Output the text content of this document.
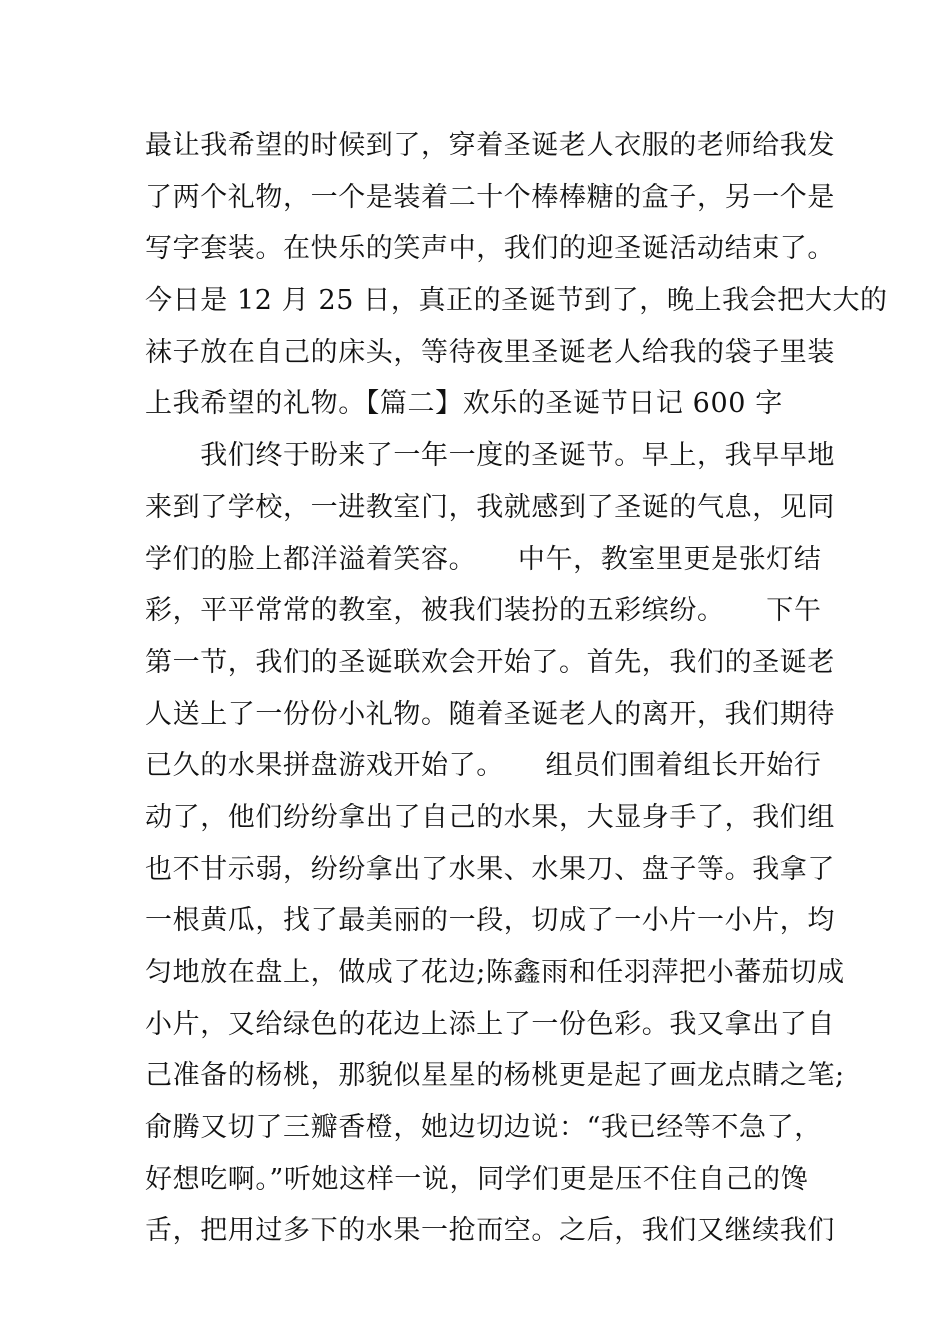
最让我希望的时候到了，穿着圣诞老人衣服的老师给我发
了两个礼物，一个是装着二十个棒棒糖的盒子，另一个是
写字套装。在快乐的笑声中，我们的迎圣诞活动结束了。
今日是 12 月 25 日，真正的圣诞节到了，晚上我会把大大的
袜子放在自己的床头，等待夜里圣诞老人给我的袋子里装
上我希望的礼物。【篇二】欢乐的圣诞节日记 600 字
　　我们终于盼来了一年一度的圣诞节。早上，我早早地
来到了学校，一进教室门，我就感到了圣诞的气息，见同
学们的脸上都洋溢着笑容。　　中午，教室里更是张灯结
彩，平平常常的教室，被我们装扮的五彩缤纷。　　下午
第一节，我们的圣诞联欢会开始了。首先，我们的圣诞老
人送上了一份份小礼物。随着圣诞老人的离开，我们期待
已久的水果拼盘游戏开始了。　　组员们围着组长开始行
动了，他们纷纷拿出了自己的水果，大显身手了，我们组
也不甘示弱，纷纷拿出了水果、水果刀、盘子等。我拿了
一根黄瓜，找了最美丽的一段，切成了一小片一小片，均
匀地放在盘上，做成了花边;陈鑫雨和任羽萍把小蕃茄切成
小片，又给绿色的花边上添上了一份色彩。我又拿出了自
己准备的杨桃，那貌似星星的杨桃更是起了画龙点睛之笔;
俞腾又切了三瓣香橙，她边切边说：“我已经等不急了，
好想吃啊。”听她这样一说，同学们更是压不住自己的馋
舌，把用过多下的水果一抢而空。之后，我们又继续我们
